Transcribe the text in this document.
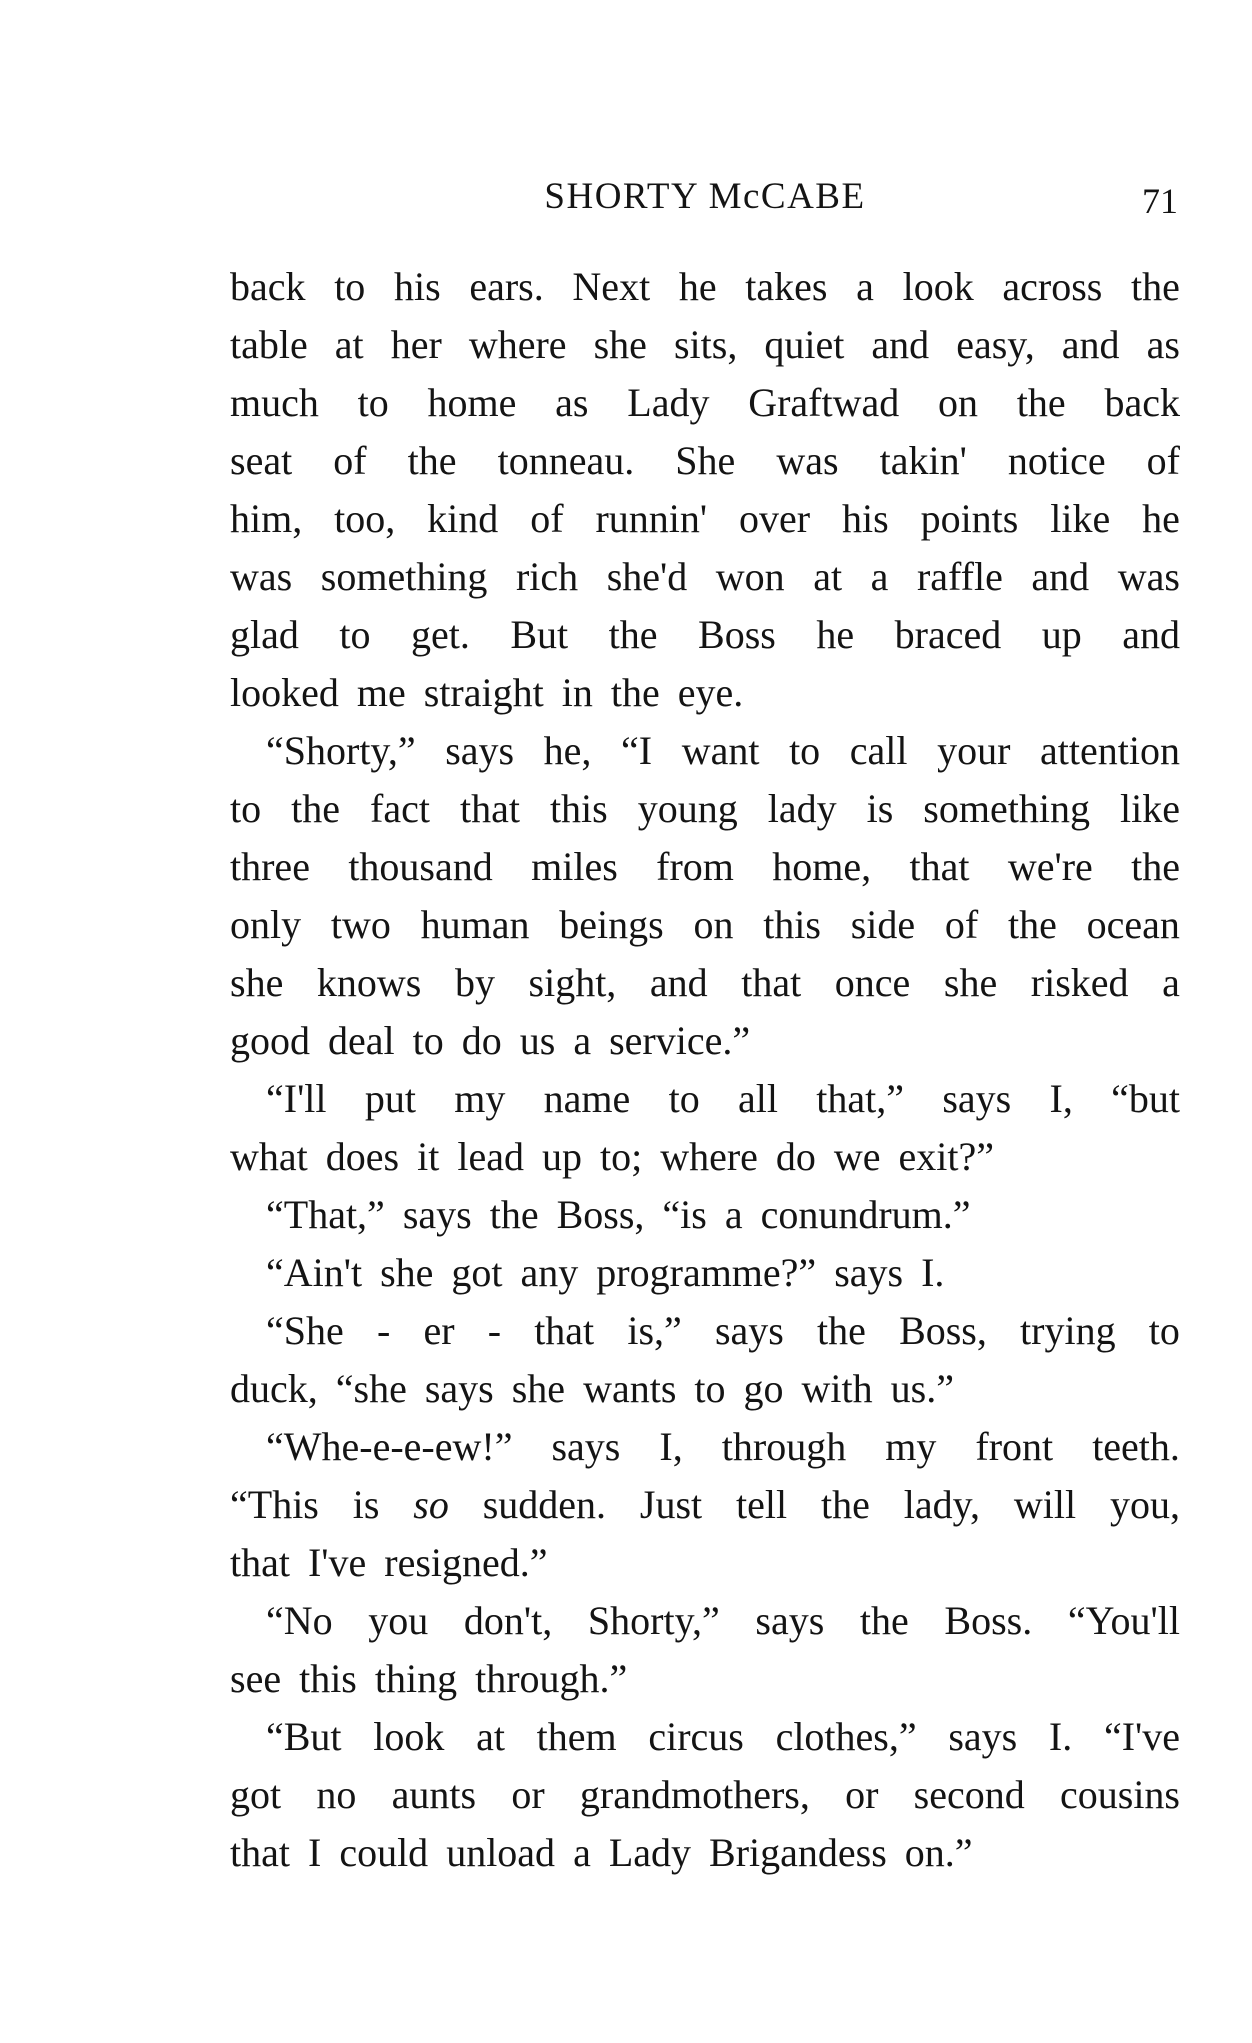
SHORTY McCABE	71
back to his ears. Next he takes a look across the
table at her where she sits, quiet and easy, and as
much to home as Lady Graftwad on the back
seat of the tonneau. She was takin' notice of
him, too, kind of runnin' over his points like he
was something rich she'd won at a raffle and was
glad to get. But the Boss he braced up and
looked me straight in the eye.
“Shorty,” says he, “I want to call your attention
to the fact that this young lady is something like
three thousand miles from home, that we're the
only two human beings on this side of the ocean
she knows by sight, and that once she risked a
good deal to do us a service.”
“I'll put my name to all that,” says I, “but
what does it lead up to; where do we exit?”
“That,” says the Boss, “is a conundrum.”
“Ain't she got any programme?” says I.
“She - er - that is,” says the Boss, trying to
duck, “she says she wants to go with us.”
“Whe-e-e-ew!” says I, through my front teeth.
“This is so sudden. Just tell the lady, will you,
that I've resigned.”
“No you don't, Shorty,” says the Boss. “You'll
see this thing through.”
“But look at them circus clothes,” says I. “I've
got no aunts or grandmothers, or second cousins
that I could unload a Lady Brigandess on.”
